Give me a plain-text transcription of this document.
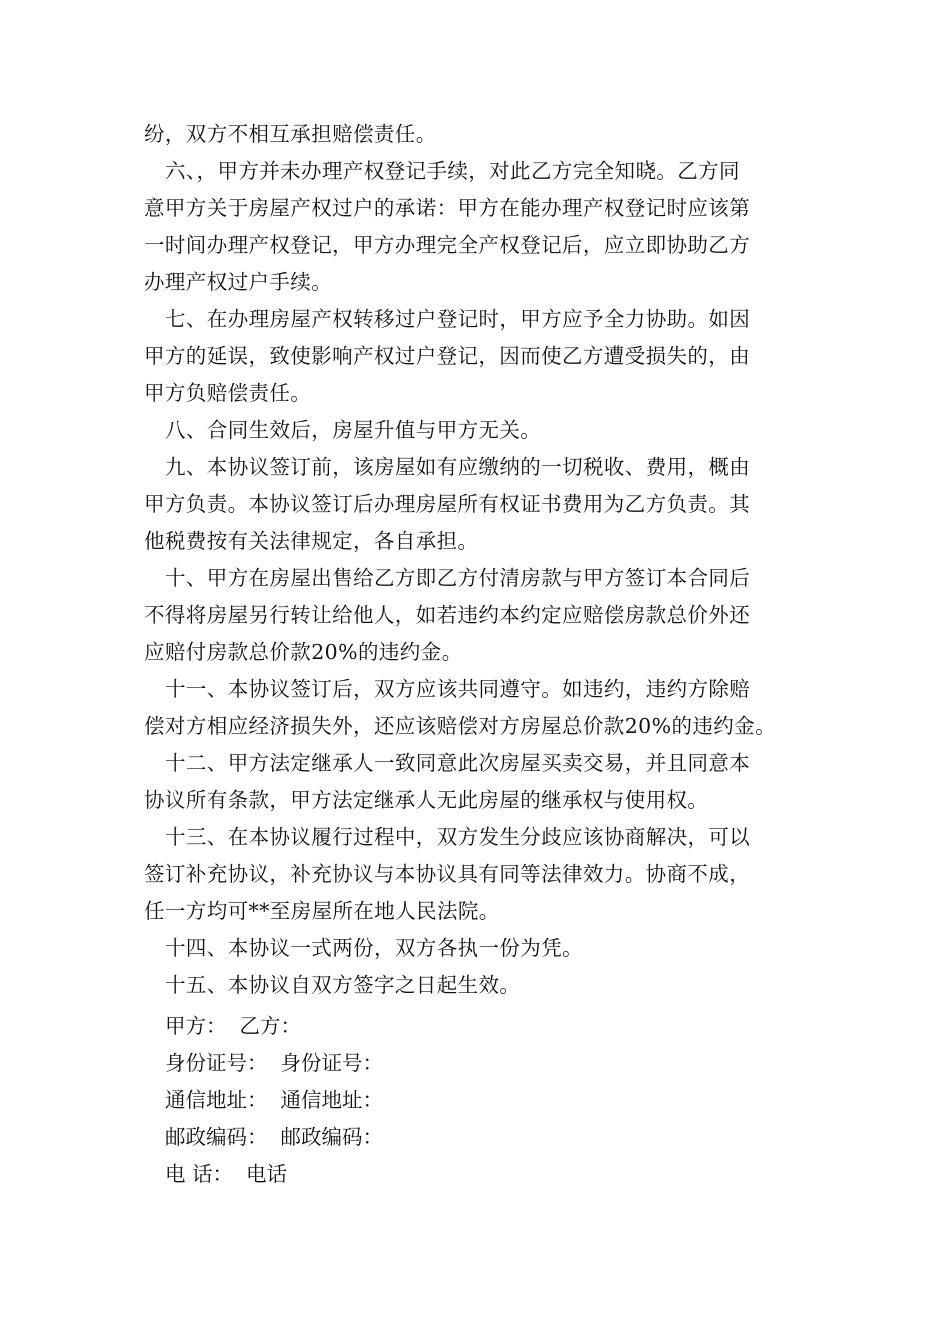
纷，双方不相互承担赔偿责任。
六、，甲方并未办理产权登记手续，对此乙方完全知晓。乙方同
意甲方关于房屋产权过户的承诺：甲方在能办理产权登记时应该第
一时间办理产权登记，甲方办理完全产权登记后，应立即协助乙方
办理产权过户手续。
七、在办理房屋产权转移过户登记时，甲方应予全力协助。如因
甲方的延误，致使影响产权过户登记，因而使乙方遭受损失的，由
甲方负赔偿责任。
八、合同生效后，房屋升值与甲方无关。
九、本协议签订前，该房屋如有应缴纳的一切税收、费用，概由
甲方负责。本协议签订后办理房屋所有权证书费用为乙方负责。其
他税费按有关法律规定，各自承担。
十、甲方在房屋出售给乙方即乙方付清房款与甲方签订本合同后
不得将房屋另行转让给他人，如若违约本约定应赔偿房款总价外还
应赔付房款总价款20%的违约金。
十一、本协议签订后，双方应该共同遵守。如违约，违约方除赔
偿对方相应经济损失外，还应该赔偿对方房屋总价款20%的违约金。
十二、甲方法定继承人一致同意此次房屋买卖交易，并且同意本
协议所有条款，甲方法定继承人无此房屋的继承权与使用权。
十三、在本协议履行过程中，双方发生分歧应该协商解决，可以
签订补充协议，补充协议与本协议具有同等法律效力。协商不成，
任一方均可**至房屋所在地人民法院。
十四、本协议一式两份，双方各执一份为凭。
十五、本协议自双方签字之日起生效。
甲方：  乙方：
身份证号：  身份证号：
通信地址：  通信地址：
邮政编码：  邮政编码：
电 话：  电话
